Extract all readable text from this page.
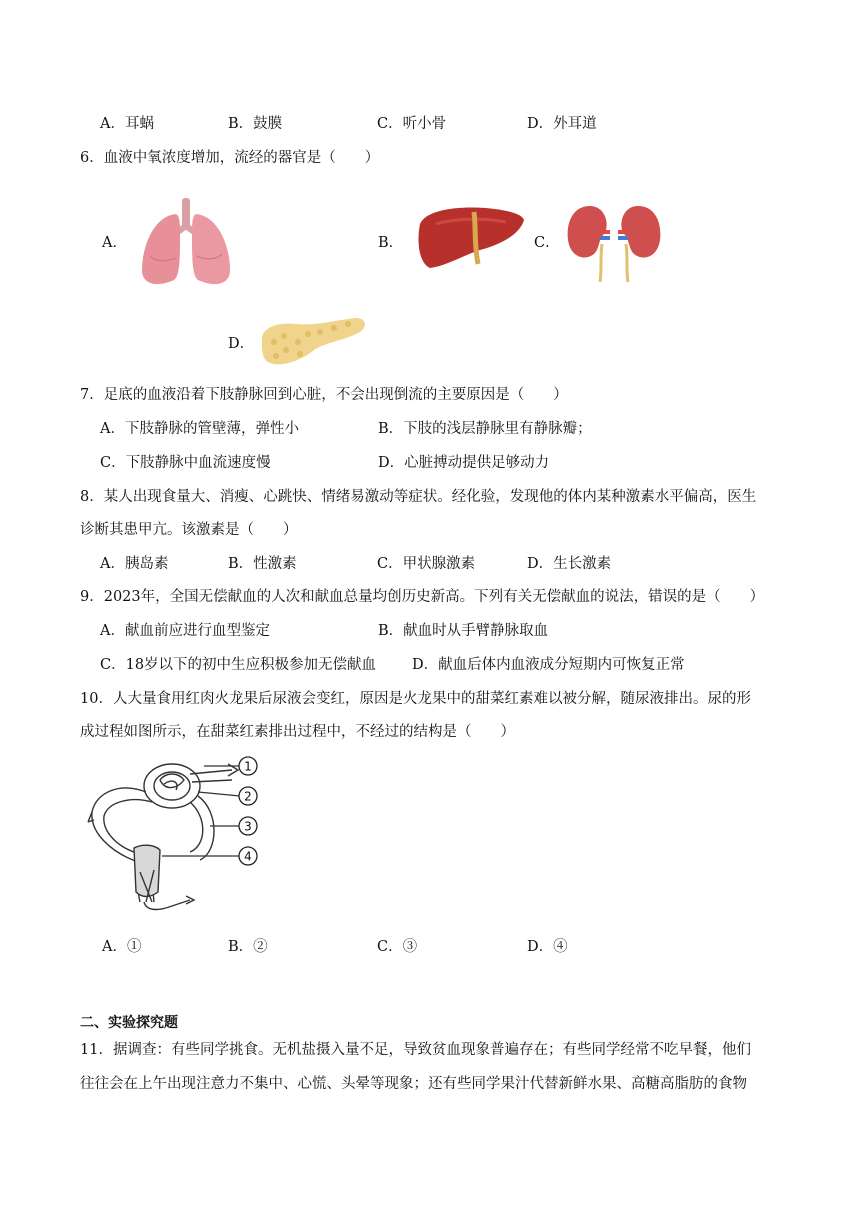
A．耳蜗	B．鼓膜	C．听小骨	D．外耳道
6．血液中氧浓度增加，流经的器官是（　　）
A．	B．	C．
D．
7．足底的血液沿着下肢静脉回到心脏，不会出现倒流的主要原因是（　　）
A．下肢静脉的管壁薄，弹性小	B．下肢的浅层静脉里有静脉瓣；
C．下肢静脉中血流速度慢	D．心脏搏动提供足够动力
8．某人出现食量大、消瘦、心跳快、情绪易激动等症状。经化验，发现他的体内某种激素水平偏高，医生
诊断其患甲亢。该激素是（　　）
A．胰岛素	B．性激素	C．甲状腺激素	D．生长激素
9．2023年，全国无偿献血的人次和献血总量均创历史新高。下列有关无偿献血的说法，错误的是（　　）
A．献血前应进行血型鉴定	B．献血时从手臂静脉取血
C．18岁以下的初中生应积极参加无偿献血 D．献血后体内血液成分短期内可恢复正常
10．人大量食用红肉火龙果后尿液会变红，原因是火龙果中的甜菜红素难以被分解，随尿液排出。尿的形
成过程如图所示，在甜菜红素排出过程中，不经过的结构是（　　）
1
2
3
4
A．①	B．②	C．③	D．④
二、实验探究题
11．据调查：有些同学挑食。无机盐摄入量不足，导致贫血现象普遍存在；有些同学经常不吃早餐，他们
往往会在上午出现注意力不集中、心慌、头晕等现象；还有些同学果汁代替新鲜水果、高糖高脂肪的食物
